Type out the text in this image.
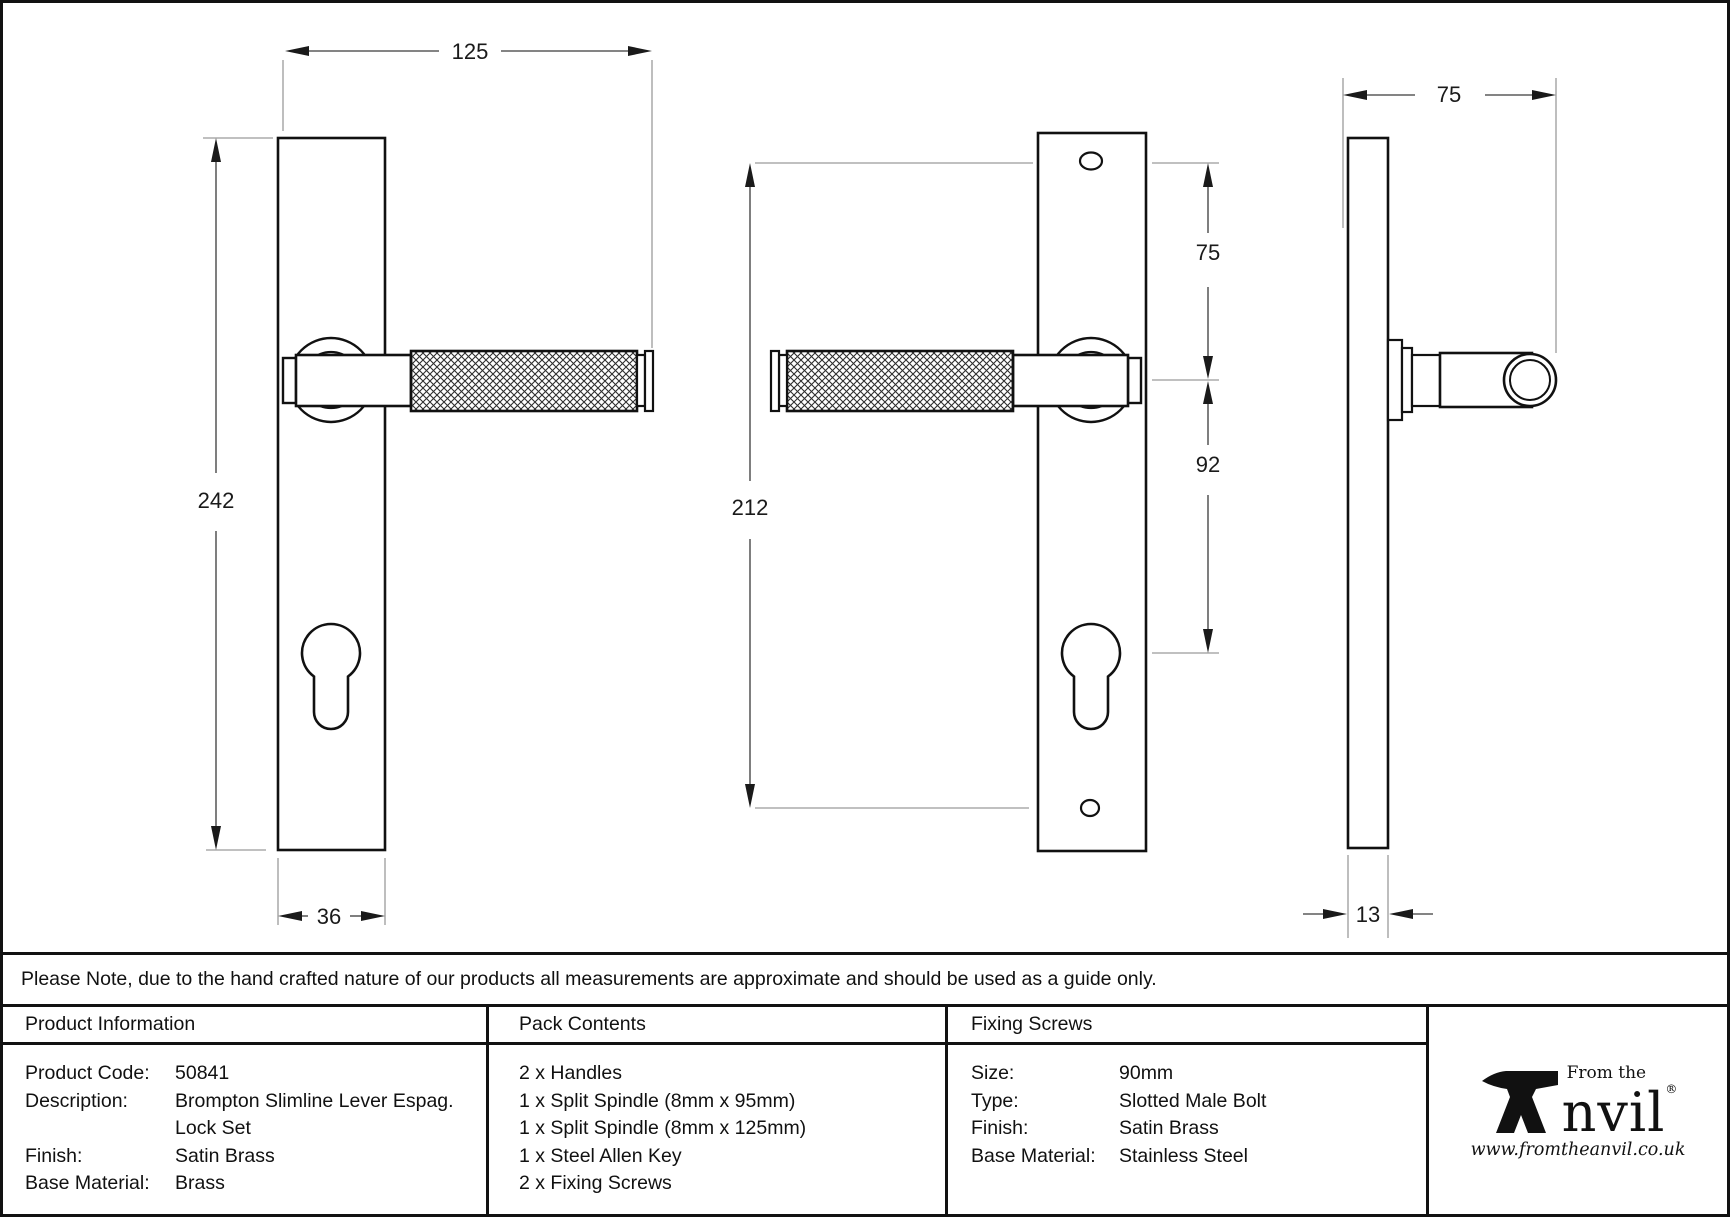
242
125
36
212
75
92
75
13
Please Note, due to the hand crafted nature of our products all measurements are approximate and should be used as a guide only.
Product Information	Pack Contents	Fixing Screws
Product Code:	50841
Description:	Brompton Slimline Lever Espag. Lock Set
Finish:	Satin Brass
Base Material:	Brass
2 x Handles
1 x Split Spindle (8mm x 95mm)
1 x Split Spindle (8mm x 125mm)
1 x Steel Allen Key
2 x Fixing Screws
Size:	90mm
Type:	Slotted Male Bolt
Finish:	Satin Brass
Base Material:	Stainless Steel
From the
nvil®
www.fromtheanvil.co.uk
